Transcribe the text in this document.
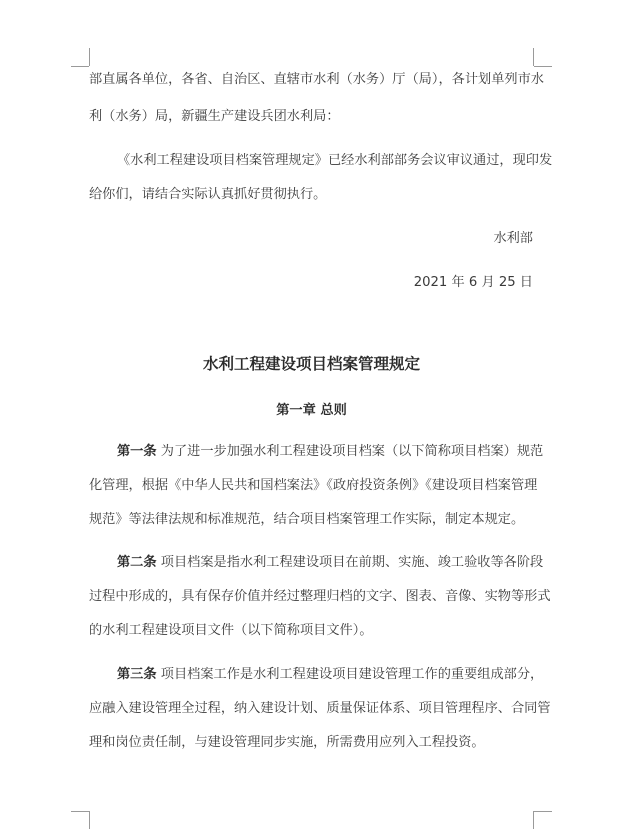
部直属各单位，各省、自治区、直辖市水利（水务）厅（局），各计划单列市水
利（水务）局，新疆生产建设兵团水利局：
《水利工程建设项目档案管理规定》已经水利部部务会议审议通过，现印发
给你们，请结合实际认真抓好贯彻执行。
水利部
2021 年 6 月 25 日
水利工程建设项目档案管理规定
第一章 总则
第一条 为了进一步加强水利工程建设项目档案（以下简称项目档案）规范
化管理，根据《中华人民共和国档案法》《政府投资条例》《建设项目档案管理
规范》等法律法规和标准规范，结合项目档案管理工作实际，制定本规定。
第二条 项目档案是指水利工程建设项目在前期、实施、竣工验收等各阶段
过程中形成的，具有保存价值并经过整理归档的文字、图表、音像、实物等形式
的水利工程建设项目文件（以下简称项目文件）。
第三条 项目档案工作是水利工程建设项目建设管理工作的重要组成部分，
应融入建设管理全过程，纳入建设计划、质量保证体系、项目管理程序、合同管
理和岗位责任制，与建设管理同步实施，所需费用应列入工程投资。
